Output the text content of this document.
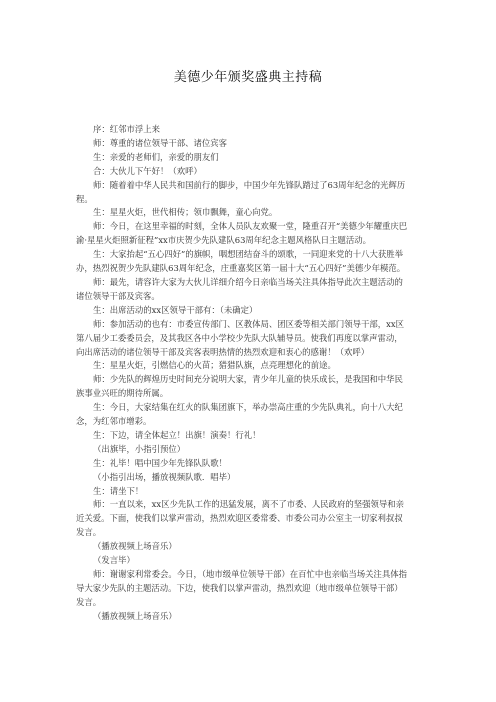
美德少年颁奖盛典主持稿

序：红邻市浮上来

师：尊重的诸位领导干部、诸位宾客

生：亲爱的老师们，亲爱的朋友们

合：大伙儿下午好！（欢呼）

师：随着着中华人民共和国前行的脚步，中国少年先锋队踏过了63周年纪念的光辉历程。

生：星星火炬，世代相传；领巾飘舞，童心向党。

师：今日，在这里幸福的时刻，全体人员队友欢聚一堂，隆重召开“美德少年耀重庆巴渝·星星火炬照新征程”xx市庆贺少先队建队63周年纪念主题风格队日主题活动。

生：大家抬起“五心四好”的旗帜，咽想团结奋斗的颂歌，一同迎来党的十八大获胜举办，热烈祝贺少先队建队63周年纪念，庄重嘉奖区第一届十大“五心四好”美德少年模范。

师：最先，请容许大家为大伙儿详细介绍今日亲临当场关注具体指导此次主题活动的诸位领导干部及宾客。

生：出席活动的xx区领导干部有：（未确定）

师：参加活动的也有：市委宣传部门、区教体局、团区委等相关部门领导干部，xx区第八届少工委委员会，及其我区各中小学校少先队大队辅导员。使我们再度以掌声雷动，向出席活动的诸位领导干部及宾客表明热情的热烈欢迎和衷心的感谢！（欢呼）

生：星星火炬，引燃信心的火苗；猎猎队旗，点亮理想化的前途。

师：少先队的辉煌历史时间充分说明大家，青少年儿童的快乐成长，是我国和中华民族事业兴旺的期待所属。

生：今日，大家结集在红火的队集团旗下，举办崇高庄重的少先队典礼，向十八大纪念，为红邻市增彩。

生：下边，请全体起立！出旗！演奏！行礼！

（出旗毕，小指引预位）

生：礼毕！唱中国少年先锋队队歌！

（小指引出场，播放视频队歌．唱毕）

生：请坐下！

师：一直以来，xx区少先队工作的迅猛发展，离不了市委、人民政府的坚强领导和亲近关爱。下面，使我们以掌声雷动，热烈欢迎区委常委、市委公司办公室主一切家利叔叔发言。

（播放视频上场音乐）

（发言毕）

师：谢谢家利常委会。今日，（地市级单位领导干部）在百忙中也亲临当场关注具体指导大家少先队的主题活动。下边，使我们以掌声雷动，热烈欢迎（地市级单位领导干部）发言。

（播放视频上场音乐）
